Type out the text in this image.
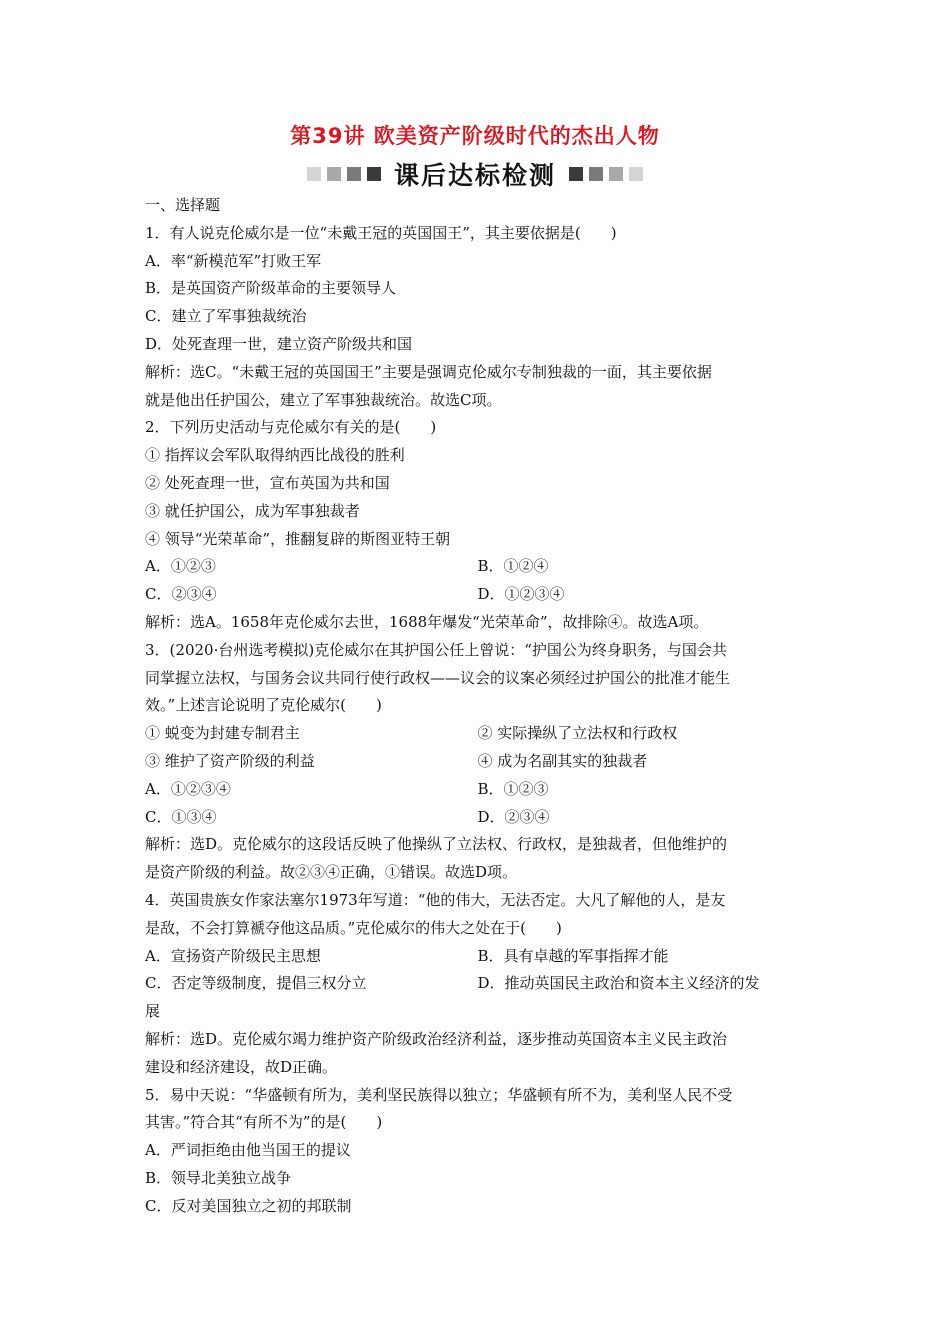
第39讲 欧美资产阶级时代的杰出人物
课后达标检测
一、选择题
1．有人说克伦威尔是一位“未戴王冠的英国国王”，其主要依据是(　　)
A．率“新模范军”打败王军
B．是英国资产阶级革命的主要领导人
C．建立了军事独裁统治
D．处死查理一世，建立资产阶级共和国
解析：选C。“未戴王冠的英国国王”主要是强调克伦威尔专制独裁的一面，其主要依据
就是他出任护国公，建立了军事独裁统治。故选C项。
2．下列历史活动与克伦威尔有关的是(　　)
① 指挥议会军队取得纳西比战役的胜利
② 处死查理一世，宣布英国为共和国
③ 就任护国公，成为军事独裁者
④ 领导“光荣革命”，推翻复辟的斯图亚特王朝
A．①②③	B．①②④
C．②③④	D．①②③④
解析：选A。1658年克伦威尔去世，1688年爆发“光荣革命”，故排除④。故选A项。
3．(2020·台州选考模拟)克伦威尔在其护国公任上曾说：“护国公为终身职务，与国会共
同掌握立法权，与国务会议共同行使行政权——议会的议案必须经过护国公的批准才能生
效。”上述言论说明了克伦威尔(　　)
① 蜕变为封建专制君主	② 实际操纵了立法权和行政权
③ 维护了资产阶级的利益	④ 成为名副其实的独裁者
A．①②③④	B．①②③
C．①③④	D．②③④
解析：选D。克伦威尔的这段话反映了他操纵了立法权、行政权，是独裁者，但他维护的
是资产阶级的利益。故②③④正确，①错误。故选D项。
4．英国贵族女作家法塞尔1973年写道：“他的伟大，无法否定。大凡了解他的人，是友
是敌，不会打算褫夺他这品质。”克伦威尔的伟大之处在于(　　)
A．宣扬资产阶级民主思想	B．具有卓越的军事指挥才能
C．否定等级制度，提倡三权分立	D．推动英国民主政治和资本主义经济的发
展
解析：选D。克伦威尔竭力维护资产阶级政治经济利益，逐步推动英国资本主义民主政治
建设和经济建设，故D正确。
5．易中天说：“华盛顿有所为，美利坚民族得以独立；华盛顿有所不为，美利坚人民不受
其害。”符合其“有所不为”的是(　　)
A．严词拒绝由他当国王的提议
B．领导北美独立战争
C．反对美国独立之初的邦联制
